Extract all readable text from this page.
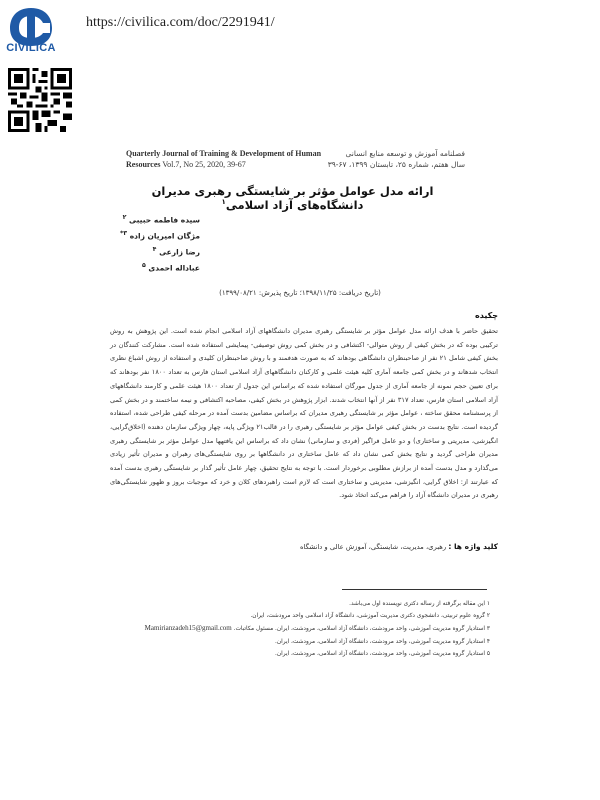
CIVILICA
https://civilica.com/doc/2291941/
Quarterly Journal of Training & Development of Human Resources Vol.7, No 25, 2020, 39-67
فصلنامه آموزش و توسعه منابع انسانی
سال هفتم، شماره ۲۵، تابستان ۱۳۹۹، ۶۷-۳۹
ارائه مدل عوامل مؤثر بر شایستگی رهبری مدیران دانشگاه‌های آزاد اسلامی$^۱$
سیده فاطمه حبیبی $^۲$
مژگان امیریان زاده $^{۳*}$
رضا زارعی $^۴$
عباداله احمدی $^۵$
(تاریخ دریافت: ۱۳۹۸/۱۱/۲۵؛ تاریخ پذیرش: ۱۳۹۹/۰۸/۲۱)
چکیده
تحقیق حاضر با هدف ارائه مدل عوامل مؤثر بر شایستگی رهبری مدیران دانشگاههای آزاد اسلامی انجام شده است. این پژوهش به روش ترکیبی بوده که در بخش کیفی از روش متوالی- اکتشافی و در بخش کمی روش توصیفی- پیمایشی استفاده شده است. مشارکت کنندگان در بخش کیفی شامل ۲۱ نفر از صاحبنظران دانشگاهی بودهاند که به صورت هدفمند و با روش صاحبنظران کلیدی و استفاده از روش اشباع نظری انتخاب شدهاند و در بخش کمی جامعه آماری کلیه هیئت علمی و کارکنان دانشگاههای آزاد اسلامی استان فارس به تعداد ۱۸۰۰ نفر بودهاند که برای تعیین حجم نمونه از جامعه آماری از جدول مورگان استفاده شده که براساس این جدول از تعداد ۱۸۰۰ هیئت علمی و کارمند دانشگاههای آزاد اسلامی استان فارس، تعداد ۳۱۷ نفر از آنها انتخاب شدند. ابزار پژوهش در بخش کیفی، مصاحبه اکتشافی و نیمه ساختمند و در بخش کمی از پرسشنامه محقق ساخته ، عوامل مؤثر بر شایستگی رهبری مدیران که براساس مضامین بدست آمده در مرحله کیفی طراحی شده، استفاده گردیده است. نتایج بدست در بخش کیفی عوامل مؤثر بر شایستگی رهبری را در قالب۲۱ ویژگی پایه، چهار ویژگی سازمان دهنده (اخلاق‌گرایی، انگیزشی، مدیریتی و ساختاری) و دو عامل فراگیر (فردی و سازمانی) نشان داد که براساس این یافتهها مدل عوامل مؤثر بر شایستگی رهبری مدیران طراحی گردید و نتایج بخش کمی نشان داد که عامل ساختاری در دانشگاهها بر روی شایستگی‌های رهبران و مدیران تأثیر زیادی می‌گذارد و مدل بدست آمده از برازش مطلوبی برخوردار است. با توجه به نتایج تحقیق، چهار عامل تأثیر گذار بر شایستگی رهبری بدست آمده که عبارتند از: اخلاق گرایی، انگیزشی، مدیریتی و ساختاری است که لازم است راهبردهای کلان و خرد که موجبات بروز و ظهور شایستگی‌های رهبری در مدیران دانشگاه آزاد را فراهم می‌کند اتخاذ شود.
کلید واژه ها : رهبری، مدیریت، شایستگی، آموزش عالی و دانشگاه
۱ این مقاله برگرفته از رساله دکتری نویسنده اول می‌باشد.
۲ گروه علوم تربیتی، دانشجوی دکتری مدیریت آموزشی، دانشگاه آزاد اسلامی واحد مرودشت، ایران.
۳ استادیار گروه مدیریت آموزشی، واحد مرودشت، دانشگاه آزاد اسلامی، مرودشت، ایران. مسئول مکاتبات. Mamirianzadeh15@gmail.com
۴ استادیار گروه مدیریت آموزشی، واحد مرودشت، دانشگاه آزاد اسلامی، مرودشت، ایران.
۵ استادیار گروه مدیریت آموزشی، واحد مرودشت، دانشگاه آزاد اسلامی، مرودشت، ایران.
